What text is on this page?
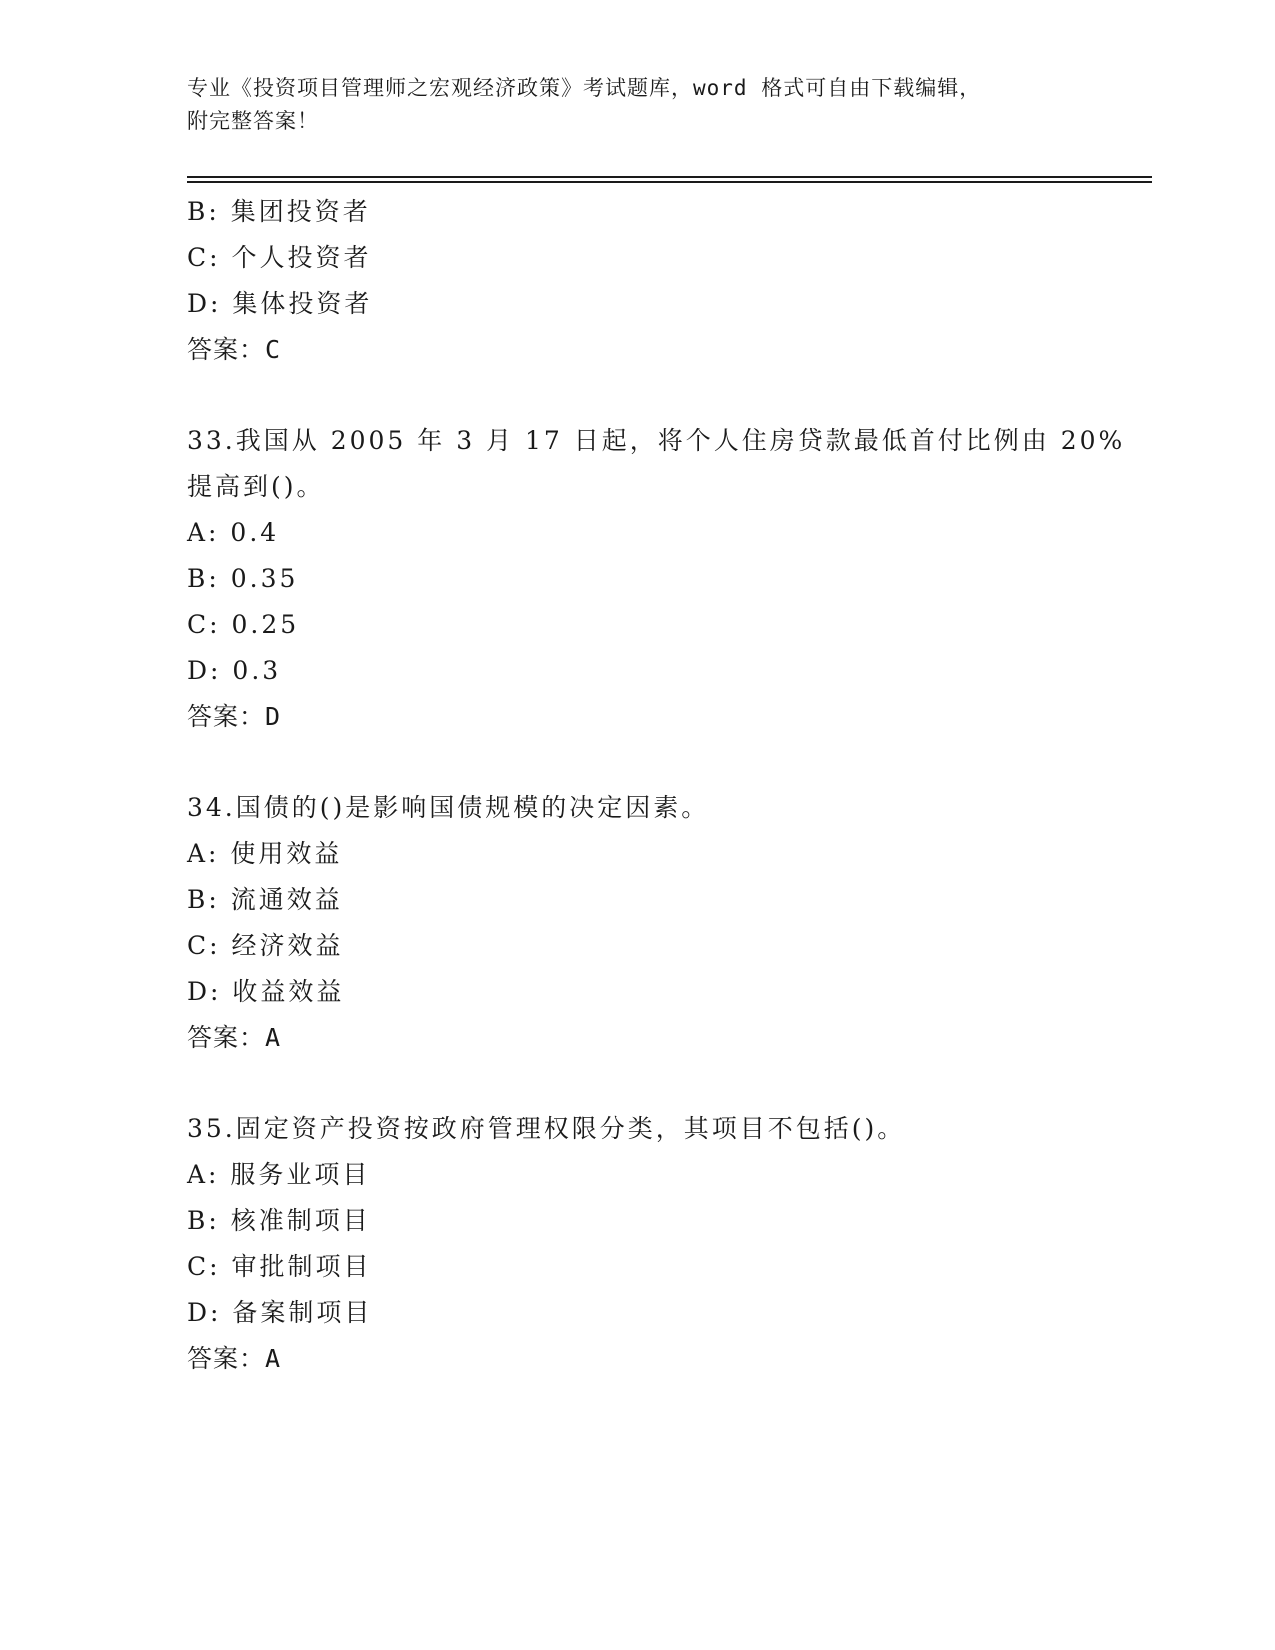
专业《投资项目管理师之宏观经济政策》考试题库，word 格式可自由下载编辑，
附完整答案！
B: 集团投资者
C: 个人投资者
D: 集体投资者
答案：C
33.我国从 2005 年 3 月 17 日起，将个人住房贷款最低首付比例由 20%
提高到()。
A: 0.4
B: 0.35
C: 0.25
D: 0.3
答案：D
34.国债的()是影响国债规模的决定因素。
A: 使用效益
B: 流通效益
C: 经济效益
D: 收益效益
答案：A
35.固定资产投资按政府管理权限分类，其项目不包括()。
A: 服务业项目
B: 核准制项目
C: 审批制项目
D: 备案制项目
答案：A
